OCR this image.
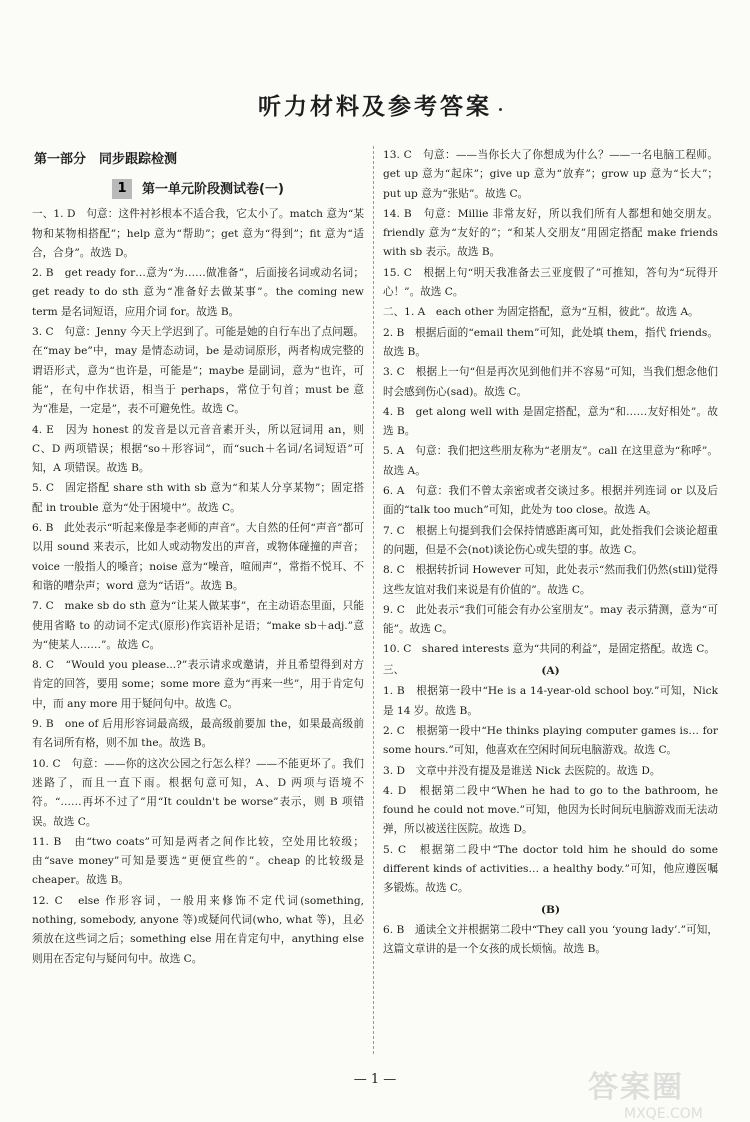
听力材料及参考答案
第一部分　同步跟踪检测
1	第一单元阶段测试卷(一)
一、1. D　句意：这件衬衫根本不适合我，它太小了。match 意为“某物和某物相搭配”；help 意为“帮助”；get 意为“得到”；fit 意为“适合，合身”。故选 D。
2. B　get ready for…意为“为……做准备”，后面接名词或动名词；get ready to do sth 意为“准备好去做某事”。the coming new term 是名词短语，应用介词 for。故选 B。
3. C　句意：Jenny 今天上学迟到了。可能是她的自行车出了点问题。在“may be”中，may 是情态动词，be 是动词原形，两者构成完整的谓语形式，意为“也许是，可能是”；maybe 是副词，意为“也许，可能”，在句中作状语，相当于 perhaps，常位于句首；must be 意为“准是，一定是”，表不可避免性。故选 C。
4. E　因为 honest 的发音是以元音音素开头，所以冠词用 an，则 C、D 两项错误；根据“so＋形容词”，而“such＋名词/名词短语”可知，A 项错误。故选 B。
5. C　固定搭配 share sth with sb 意为“和某人分享某物”；固定搭配 in trouble 意为“处于困境中”。故选 C。
6. B　此处表示“听起来像是李老师的声音”。大自然的任何“声音”都可以用 sound 来表示，比如人或动物发出的声音，或物体碰撞的声音；voice 一般指人的嗓音；noise 意为“噪音，喧闹声”，常指不悦耳、不和谐的嘈杂声；word 意为“话语”。故选 B。
7. C　make sb do sth 意为“让某人做某事”，在主动语态里面，只能使用省略 to 的动词不定式(原形)作宾语补足语；“make sb＋adj.”意为“使某人……”。故选 C。
8. C　“Would you please...?”表示请求或邀请，并且希望得到对方肯定的回答，要用 some；some more 意为“再来一些”，用于肯定句中，而 any more 用于疑问句中。故选 C。
9. B　one of 后用形容词最高级，最高级前要加 the，如果最高级前有名词所有格，则不加 the。故选 B。
10. C　句意：——你的这次公园之行怎么样？——不能更坏了。我们迷路了，而且一直下雨。根据句意可知，A、D 两项与语境不符。“……再坏不过了”用“It couldn't be worse”表示，则 B 项错误。故选 C。
11. B　由“two coats”可知是两者之间作比较，空处用比较级；由“save money”可知是要选“更便宜些的”。cheap 的比较级是 cheaper。故选 B。
12. C　else 作形容词，一般用来修饰不定代词(something, nothing, somebody, anyone 等)或疑问代词(who, what 等)，且必须放在这些词之后；something else 用在肯定句中，anything else 则用在否定句与疑问句中。故选 C。
13. C　句意：——当你长大了你想成为什么？——一名电脑工程师。get up 意为“起床”；give up 意为“放弃”；grow up 意为“长大”；put up 意为“张贴”。故选 C。
14. B　句意：Millie 非常友好，所以我们所有人都想和她交朋友。friendly 意为“友好的”；“和某人交朋友”用固定搭配 make friends with sb 表示。故选 B。
15. C　根据上句“明天我准备去三亚度假了”可推知，答句为“玩得开心！”。故选 C。
二、1. A　each other 为固定搭配，意为“互相，彼此”。故选 A。
2. B　根据后面的“email them”可知，此处填 them，指代 friends。故选 B。
3. C　根据上一句“但是再次见到他们并不容易”可知，当我们想念他们时会感到伤心(sad)。故选 C。
4. B　get along well with 是固定搭配，意为“和……友好相处”。故选 B。
5. A　句意：我们把这些朋友称为“老朋友”。call 在这里意为“称呼”。故选 A。
6. A　句意：我们不曾太亲密或者交谈过多。根据并列连词 or 以及后面的“talk too much”可知，此处为 too close。故选 A。
7. C　根据上句提到我们会保持情感距离可知，此处指我们会谈论超重的问题，但是不会(not)谈论伤心或失望的事。故选 C。
8. C　根据转折词 However 可知，此处表示“然而我们仍然(still)觉得这些友谊对我们来说是有价值的”。故选 C。
9. C　此处表示“我们可能会有办公室朋友”。may 表示猜测，意为“可能”。故选 C。
10. C　shared interests 意为“共同的利益”，是固定搭配。故选 C。
三、	(A)
1. B　根据第一段中“He is a 14-year-old school boy.”可知，Nick 是 14 岁。故选 B。
2. C　根据第一段中“He thinks playing computer games is… for some hours.”可知，他喜欢在空闲时间玩电脑游戏。故选 C。
3. D　文章中并没有提及是谁送 Nick 去医院的。故选 D。
4. D　根据第二段中“When he had to go to the bathroom, he found he could not move.”可知，他因为长时间玩电脑游戏而无法动弹，所以被送往医院。故选 D。
5. C　根据第二段中“The doctor told him he should do some different kinds of activities… a healthy body.”可知，他应遵医嘱多锻炼。故选 C。
(B)
6. B　通读全文并根据第二段中“They call you ‘young lady’.”可知，这篇文章讲的是一个女孩的成长烦恼。故选 B。
— 1 —	答案圈
MXQE.COM
